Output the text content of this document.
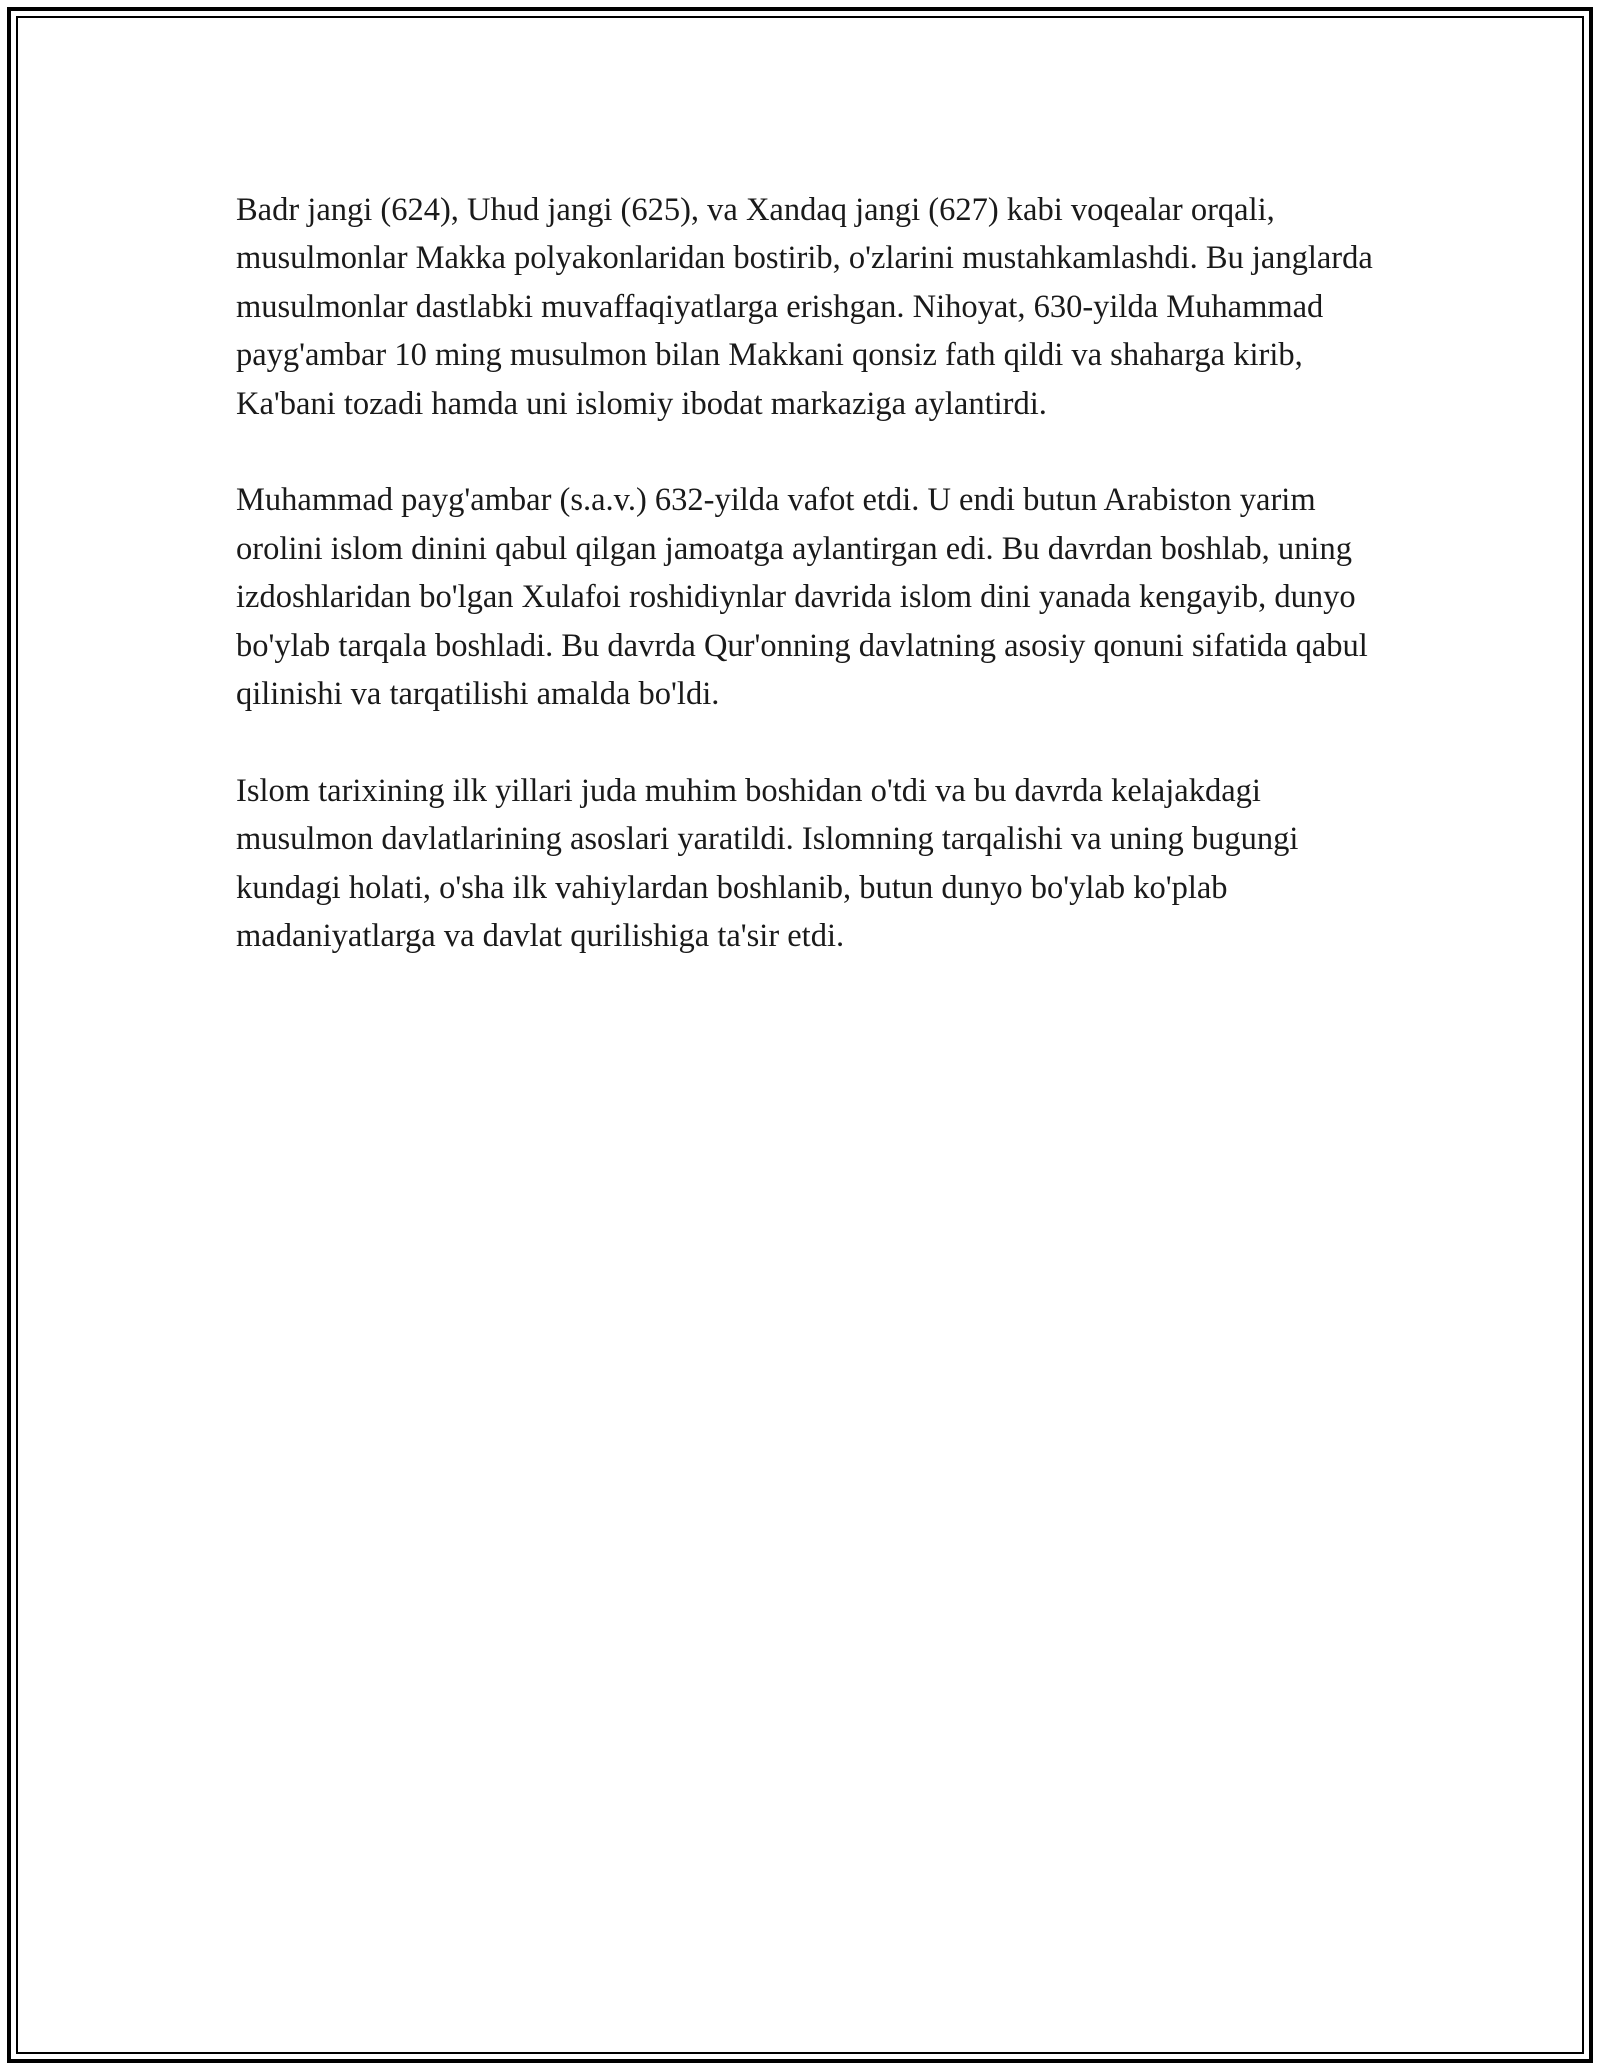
Badr jangi (624), Uhud jangi (625), va Xandaq jangi (627) kabi voqealar orqali, musulmonlar Makka polyakonlaridan bostirib, o'zlarini mustahkamlashdi. Bu janglarda musulmonlar dastlabki muvaffaqiyatlarga erishgan. Nihoyat, 630-yilda Muhammad payg'ambar 10 ming musulmon bilan Makkani qonsiz fath qildi va shaharga kirib, Ka'bani tozadi hamda uni islomiy ibodat markaziga aylantirdi.

Muhammad payg'ambar (s.a.v.) 632-yilda vafot etdi. U endi butun Arabiston yarim orolini islom dinini qabul qilgan jamoatga aylantirgan edi. Bu davrdan boshlab, uning izdoshlaridan bo'lgan Xulafoi roshidiynlar davrida islom dini yanada kengayib, dunyo bo'ylab tarqala boshladi. Bu davrda Qur'onning davlatning asosiy qonuni sifatida qabul qilinishi va tarqatilishi amalda bo'ldi.

Islom tarixining ilk yillari juda muhim boshidan o'tdi va bu davrda kelajakdagi musulmon davlatlarining asoslari yaratildi. Islomning tarqalishi va uning bugungi kundagi holati, o'sha ilk vahiylardan boshlanib, butun dunyo bo'ylab ko'plab madaniyatlarga va davlat qurilishiga ta'sir etdi.
